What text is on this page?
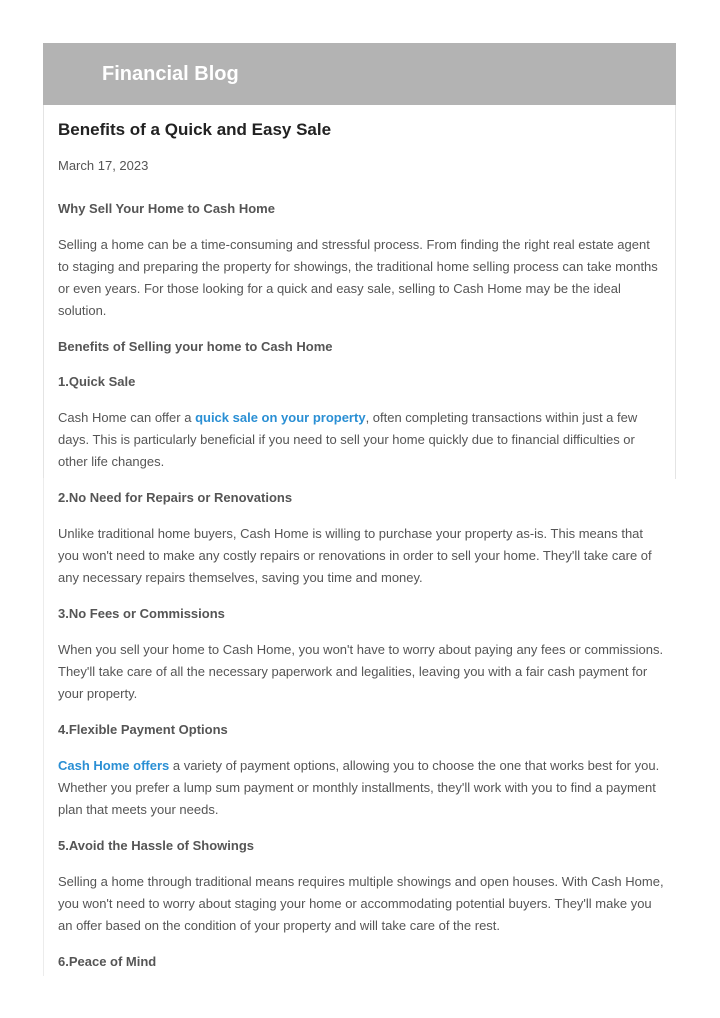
Financial Blog
Benefits of a Quick and Easy Sale

March 17, 2023

Why Sell Your Home to Cash Home

Selling a home can be a time-consuming and stressful process. From finding the right real estate agent to staging and preparing the property for showings, the traditional home selling process can take months or even years. For those looking for a quick and easy sale, selling to Cash Home may be the ideal solution.

Benefits of Selling your home to Cash Home

1.Quick Sale

Cash Home can offer a quick sale on your property, often completing transactions within just a few days. This is particularly beneficial if you need to sell your home quickly due to financial difficulties or other life changes.

2.No Need for Repairs or Renovations

Unlike traditional home buyers, Cash Home is willing to purchase your property as-is. This means that you won't need to make any costly repairs or renovations in order to sell your home. They'll take care of any necessary repairs themselves, saving you time and money.

3.No Fees or Commissions

When you sell your home to Cash Home, you won't have to worry about paying any fees or commissions. They'll take care of all the necessary paperwork and legalities, leaving you with a fair cash payment for your property.

4.Flexible Payment Options

Cash Home offers a variety of payment options, allowing you to choose the one that works best for you. Whether you prefer a lump sum payment or monthly installments, they'll work with you to find a payment plan that meets your needs.

5.Avoid the Hassle of Showings

Selling a home through traditional means requires multiple showings and open houses. With Cash Home, you won't need to worry about staging your home or accommodating potential buyers. They'll make you an offer based on the condition of your property and will take care of the rest.

6.Peace of Mind
